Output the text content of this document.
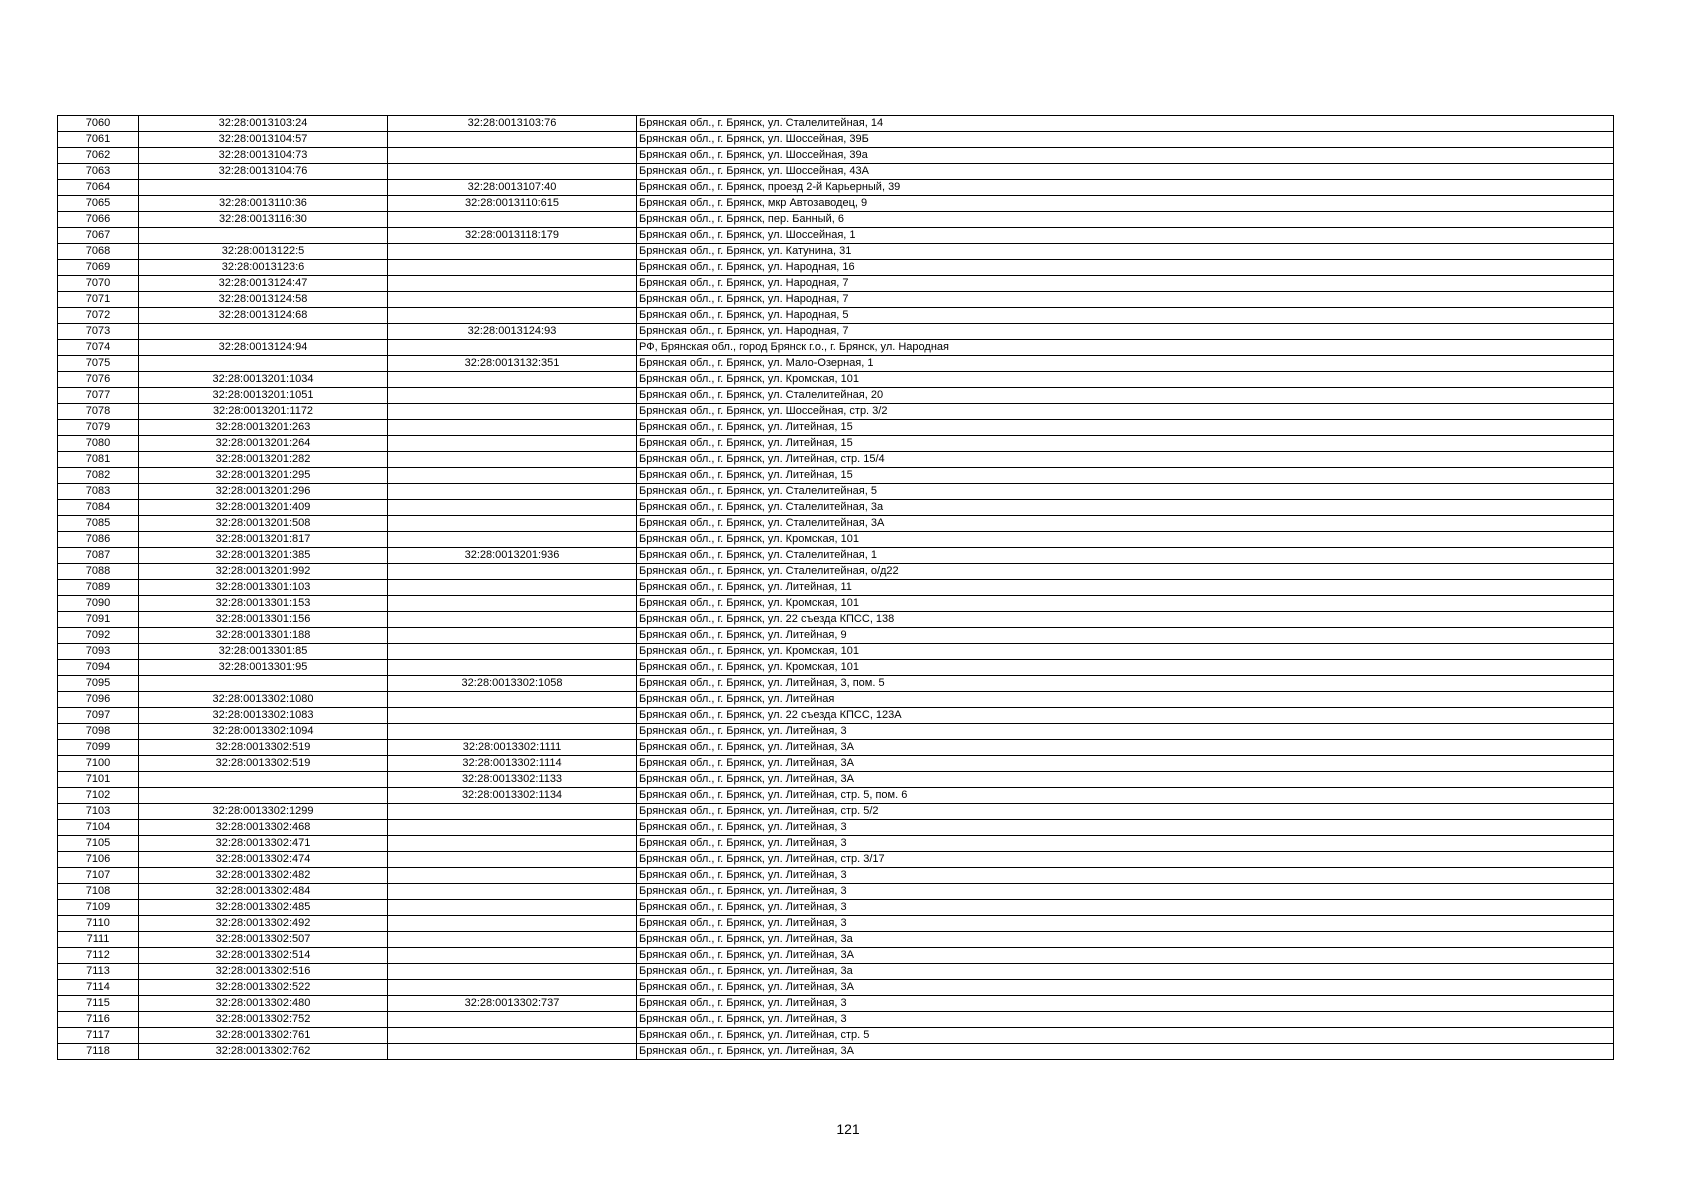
7060	32:28:0013103:24	32:28:0013103:76	Брянская обл., г. Брянск, ул. Сталелитейная, 14
7061	32:28:0013104:57		Брянская обл., г. Брянск, ул. Шоссейная, 39Б
7062	32:28:0013104:73		Брянская обл., г. Брянск, ул. Шоссейная, 39а
7063	32:28:0013104:76		Брянская обл., г. Брянск, ул. Шоссейная, 43А
7064		32:28:0013107:40	Брянская обл., г. Брянск, проезд 2-й Карьерный, 39
7065	32:28:0013110:36	32:28:0013110:615	Брянская обл., г. Брянск, мкр Автозаводец, 9
7066	32:28:0013116:30		Брянская обл., г. Брянск, пер. Банный, 6
7067		32:28:0013118:179	Брянская обл., г. Брянск, ул. Шоссейная, 1
7068	32:28:0013122:5		Брянская обл., г. Брянск, ул. Катунина, 31
7069	32:28:0013123:6		Брянская обл., г. Брянск, ул. Народная, 16
7070	32:28:0013124:47		Брянская обл., г. Брянск, ул. Народная, 7
7071	32:28:0013124:58		Брянская обл., г. Брянск, ул. Народная, 7
7072	32:28:0013124:68		Брянская обл., г. Брянск, ул. Народная, 5
7073		32:28:0013124:93	Брянская обл., г. Брянск, ул. Народная, 7
7074	32:28:0013124:94		РФ, Брянская обл., город Брянск г.о., г. Брянск, ул. Народная
7075		32:28:0013132:351	Брянская обл., г. Брянск, ул. Мало-Озерная, 1
7076	32:28:0013201:1034		Брянская обл., г. Брянск, ул. Кромская, 101
7077	32:28:0013201:1051		Брянская обл., г. Брянск, ул. Сталелитейная, 20
7078	32:28:0013201:1172		Брянская обл., г. Брянск, ул. Шоссейная, стр. 3/2
7079	32:28:0013201:263		Брянская обл., г. Брянск, ул. Литейная, 15
7080	32:28:0013201:264		Брянская обл., г. Брянск, ул. Литейная, 15
7081	32:28:0013201:282		Брянская обл., г. Брянск, ул. Литейная, стр. 15/4
7082	32:28:0013201:295		Брянская обл., г. Брянск, ул. Литейная, 15
7083	32:28:0013201:296		Брянская обл., г. Брянск, ул. Сталелитейная, 5
7084	32:28:0013201:409		Брянская обл., г. Брянск, ул. Сталелитейная, 3а
7085	32:28:0013201:508		Брянская обл., г. Брянск, ул. Сталелитейная, 3А
7086	32:28:0013201:817		Брянская обл., г. Брянск, ул. Кромская, 101
7087	32:28:0013201:385	32:28:0013201:936	Брянская обл., г. Брянск, ул. Сталелитейная, 1
7088	32:28:0013201:992		Брянская обл., г. Брянск, ул. Сталелитейная, о/д22
7089	32:28:0013301:103		Брянская обл., г. Брянск, ул. Литейная, 11
7090	32:28:0013301:153		Брянская обл., г. Брянск, ул. Кромская, 101
7091	32:28:0013301:156		Брянская обл., г. Брянск, ул. 22 съезда КПСС, 138
7092	32:28:0013301:188		Брянская обл., г. Брянск, ул. Литейная, 9
7093	32:28:0013301:85		Брянская обл., г. Брянск, ул. Кромская, 101
7094	32:28:0013301:95		Брянская обл., г. Брянск, ул. Кромская, 101
7095		32:28:0013302:1058	Брянская обл., г. Брянск, ул. Литейная, 3, пом. 5
7096	32:28:0013302:1080		Брянская обл., г. Брянск, ул. Литейная
7097	32:28:0013302:1083		Брянская обл., г. Брянск, ул. 22 съезда КПСС, 123А
7098	32:28:0013302:1094		Брянская обл., г. Брянск, ул. Литейная, 3
7099	32:28:0013302:519	32:28:0013302:1111	Брянская обл., г. Брянск, ул. Литейная, 3А
7100	32:28:0013302:519	32:28:0013302:1114	Брянская обл., г. Брянск, ул. Литейная, 3А
7101		32:28:0013302:1133	Брянская обл., г. Брянск, ул. Литейная, 3А
7102		32:28:0013302:1134	Брянская обл., г. Брянск, ул. Литейная, стр. 5, пом. 6
7103	32:28:0013302:1299		Брянская обл., г. Брянск, ул. Литейная, стр. 5/2
7104	32:28:0013302:468		Брянская обл., г. Брянск, ул. Литейная, 3
7105	32:28:0013302:471		Брянская обл., г. Брянск, ул. Литейная, 3
7106	32:28:0013302:474		Брянская обл., г. Брянск, ул. Литейная, стр. 3/17
7107	32:28:0013302:482		Брянская обл., г. Брянск, ул. Литейная, 3
7108	32:28:0013302:484		Брянская обл., г. Брянск, ул. Литейная, 3
7109	32:28:0013302:485		Брянская обл., г. Брянск, ул. Литейная, 3
7110	32:28:0013302:492		Брянская обл., г. Брянск, ул. Литейная, 3
7111	32:28:0013302:507		Брянская обл., г. Брянск, ул. Литейная, 3а
7112	32:28:0013302:514		Брянская обл., г. Брянск, ул. Литейная, 3А
7113	32:28:0013302:516		Брянская обл., г. Брянск, ул. Литейная, 3а
7114	32:28:0013302:522		Брянская обл., г. Брянск, ул. Литейная, 3А
7115	32:28:0013302:480	32:28:0013302:737	Брянская обл., г. Брянск, ул. Литейная, 3
7116	32:28:0013302:752		Брянская обл., г. Брянск, ул. Литейная, 3
7117	32:28:0013302:761		Брянская обл., г. Брянск, ул. Литейная, стр. 5
7118	32:28:0013302:762		Брянская обл., г. Брянск, ул. Литейная, 3А
121
